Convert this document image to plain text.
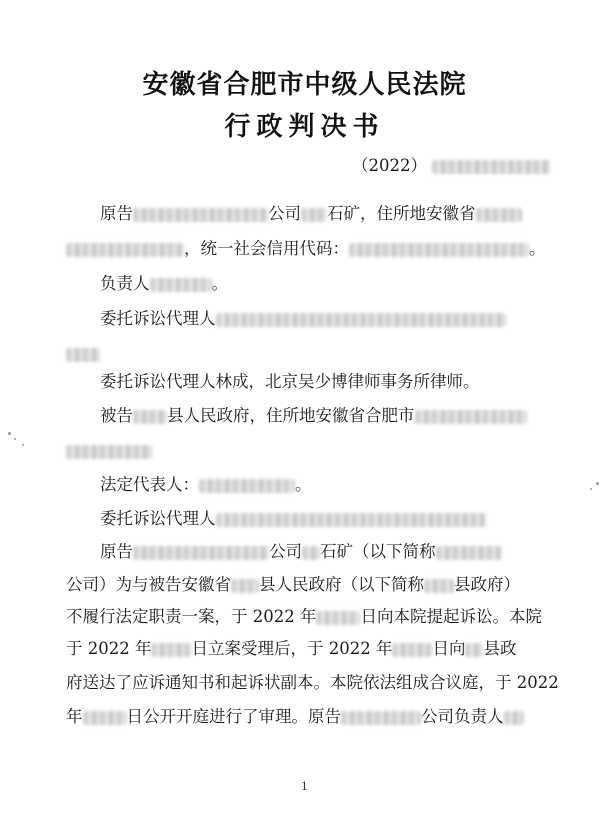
安徽省合肥市中级人民法院
行政判决书
（2022）
原告	公司 石矿，住所地安徽省
，统一社会信用代码：	。
负责人	。
委托诉讼代理人
委托诉讼代理人林成，北京吴少博律师事务所律师。
被告 县人民政府，住所地安徽省合肥市
法定代表人：	。
委托诉讼代理人
原告	公司 石矿（以下简称
公司）为与被告安徽省 县人民政府（以下简称 县政府）
不履行法定职责一案，于 2022 年	日向本院提起诉讼。本院
于 2022 年 日立案受理后，于 2022 年 日向 县政
府送达了应诉通知书和起诉状副本。本院依法组成合议庭，于 2022
年	日公开开庭进行了审理。原告	公司负责人
1
